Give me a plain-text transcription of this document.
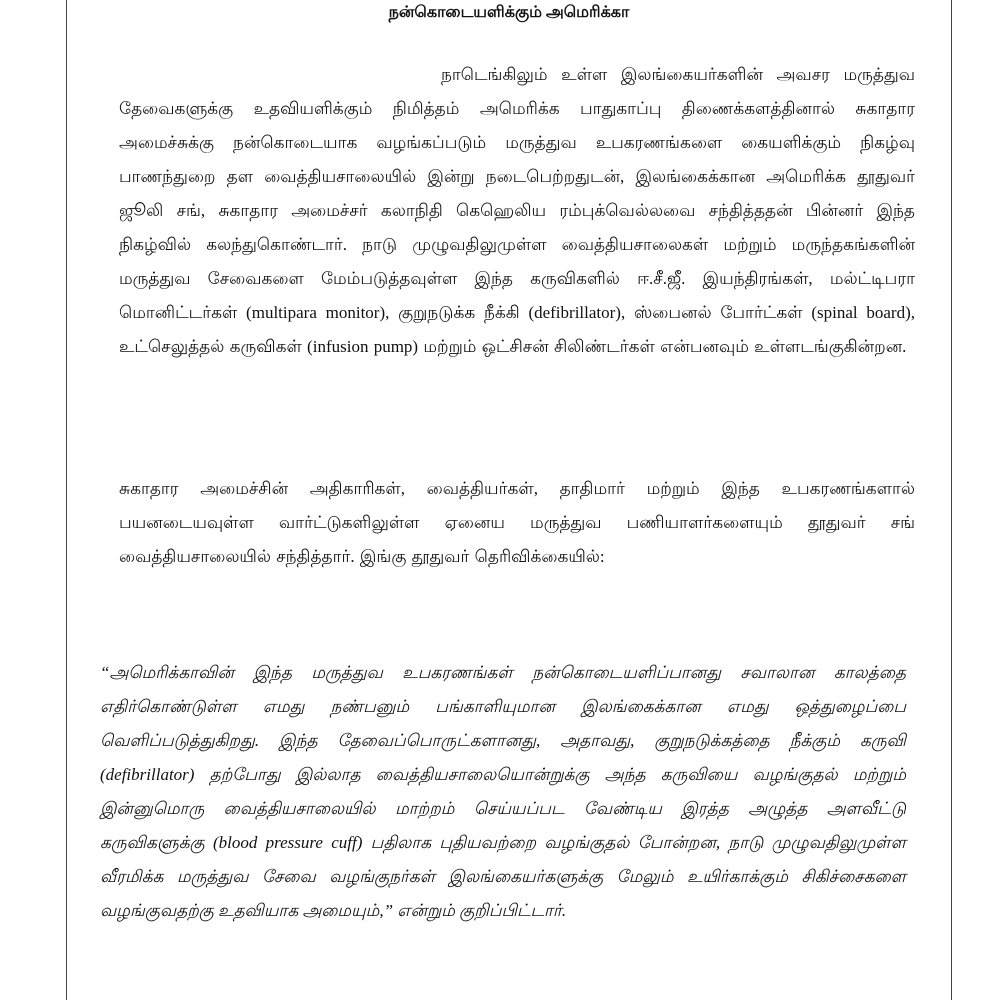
நன்கொடையளிக்கும் அமெரிக்கா

நாடெங்கிலும் உள்ள இலங்கையர்களின் அவசர மருத்துவ தேவைகளுக்கு உதவியளிக்கும் நிமித்தம் அமெரிக்க பாதுகாப்பு திணைக்களத்தினால் சுகாதார அமைச்சுக்கு நன்கொடையாக வழங்கப்படும் மருத்துவ உபகரணங்களை கையளிக்கும் நிகழ்வு பாணந்துறை தள வைத்தியசாலையில் இன்று நடைபெற்றதுடன், இலங்கைக்கான அமெரிக்க தூதுவர் ஜூலி சங், சுகாதார அமைச்சர் கலாநிதி கெஹெலிய ரம்புக்வெல்லவை சந்தித்ததன் பின்னர் இந்த நிகழ்வில் கலந்துகொண்டார். நாடு முழுவதிலுமுள்ள வைத்தியசாலைகள் மற்றும் மருந்தகங்களின் மருத்துவ சேவைகளை மேம்படுத்தவுள்ள இந்த கருவிகளில் ஈ.சீ.ஜீ. இயந்திரங்கள், மல்ட்டிபரா மொனிட்டர்கள் (multipara monitor), குறுநடுக்க நீக்கி (defibrillator), ஸ்பைனல் போர்ட்கள் (spinal board), உட்செலுத்தல் கருவிகள் (infusion pump) மற்றும் ஒட்சிசன் சிலிண்டர்கள் என்பனவும் உள்ளடங்குகின்றன.

சுகாதார அமைச்சின் அதிகாரிகள், வைத்தியர்கள், தாதிமார் மற்றும் இந்த உபகரணங்களால் பயனடையவுள்ள வார்ட்டுகளிலுள்ள ஏனைய மருத்துவ பணியாளர்களையும் தூதுவர் சங் வைத்தியசாலையில் சந்தித்தார். இங்கு தூதுவர் தெரிவிக்கையில்:

“அமெரிக்காவின் இந்த மருத்துவ உபகரணங்கள் நன்கொடையளிப்பானது சவாலான காலத்தை எதிர்கொண்டுள்ள எமது நண்பனும் பங்காளியுமான இலங்கைக்கான எமது ஒத்துழைப்பை வெளிப்படுத்துகிறது. இந்த தேவைப்பொருட்களானது, அதாவது, குறுநடுக்கத்தை நீக்கும் கருவி (defibrillator) தற்போது இல்லாத வைத்தியசாலையொன்றுக்கு அந்த கருவியை வழங்குதல் மற்றும் இன்னுமொரு வைத்தியசாலையில் மாற்றம் செய்யப்பட வேண்டிய இரத்த அழுத்த அளவீட்டு கருவிகளுக்கு (blood pressure cuff) பதிலாக புதியவற்றை வழங்குதல் போன்றன, நாடு முழுவதிலுமுள்ள வீரமிக்க மருத்துவ சேவை வழங்குநர்கள் இலங்கையர்களுக்கு மேலும் உயிர்காக்கும் சிகிச்சைகளை வழங்குவதற்கு உதவியாக அமையும்,” என்றும் குறிப்பிட்டார்.
